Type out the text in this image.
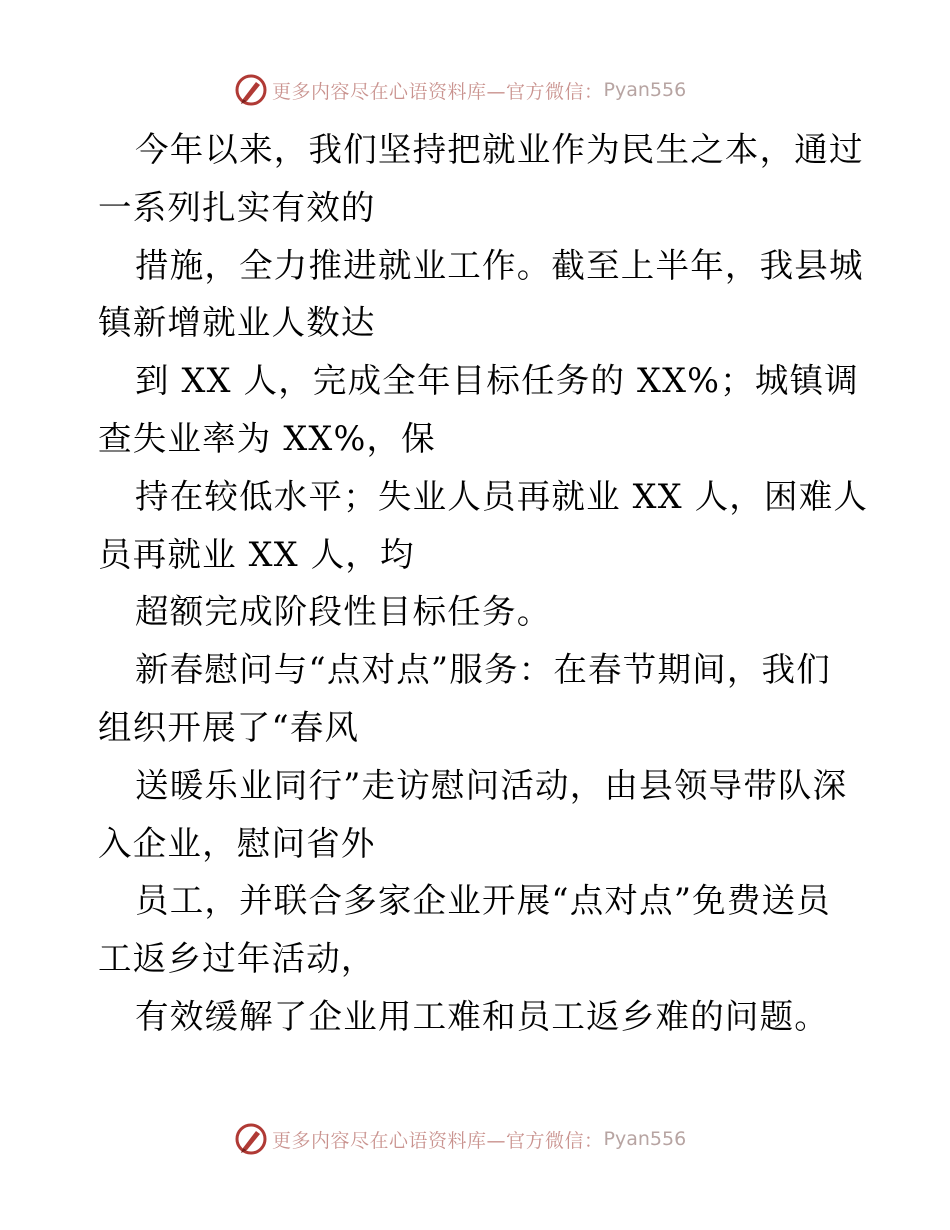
更多内容尽在心语资料库—官方微信： Pyan556
今年以来，我们坚持把就业作为民生之本，通过
一系列扎实有效的
措施，全力推进就业工作。截至上半年，我县城
镇新增就业人数达
到 XX 人，完成全年目标任务的 XX%；城镇调
查失业率为 XX%，保
持在较低水平；失业人员再就业 XX 人，困难人
员再就业 XX 人，均
超额完成阶段性目标任务。
新春慰问与“点对点”服务：在春节期间，我们
组织开展了“春风
送暖乐业同行”走访慰问活动，由县领导带队深
入企业，慰问省外
员工，并联合多家企业开展“点对点”免费送员
工返乡过年活动，
有效缓解了企业用工难和员工返乡难的问题。
更多内容尽在心语资料库—官方微信： Pyan556
